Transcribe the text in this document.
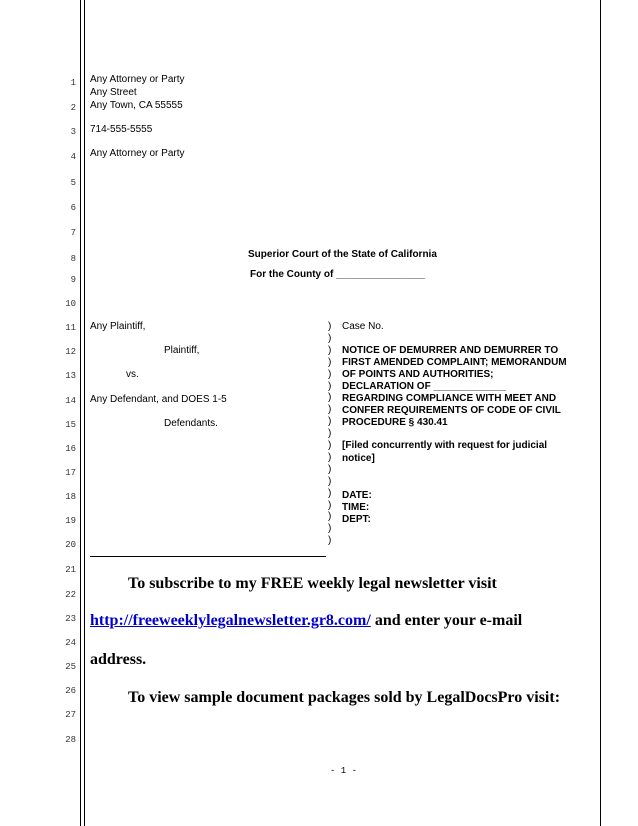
1
2
3
4
5
6
7
8
9
10
11
12
13
14
15
16
17
18
19
20
21
22
23
24
25
26
27
28
Any Attorney or Party
Any Street
Any Town, CA 55555
714-555-5555
Any Attorney or Party
Superior Court of the State of California
For the County of ________________
Any Plaintiff,
Plaintiff,
vs.
Any Defendant, and DOES 1-5
Defendants.
)
)
)
)
)
)
)
)
)
)
)
)
)
)
)
)
)
)
)
Case No.
NOTICE OF DEMURRER AND DEMURRER TO
FIRST AMENDED COMPLAINT; MEMORANDUM
OF POINTS AND AUTHORITIES;
DECLARATION OF _____________
REGARDING COMPLIANCE WITH MEET AND
CONFER REQUIREMENTS OF CODE OF CIVIL
PROCEDURE § 430.41
[Filed concurrently with request for judicial
notice]
DATE:
TIME:
DEPT:
To subscribe to my FREE weekly legal newsletter visit
http://freeweeklylegalnewsletter.gr8.com/ and enter your e-mail
address.
To view sample document packages sold by LegalDocsPro visit:
- 1 -
